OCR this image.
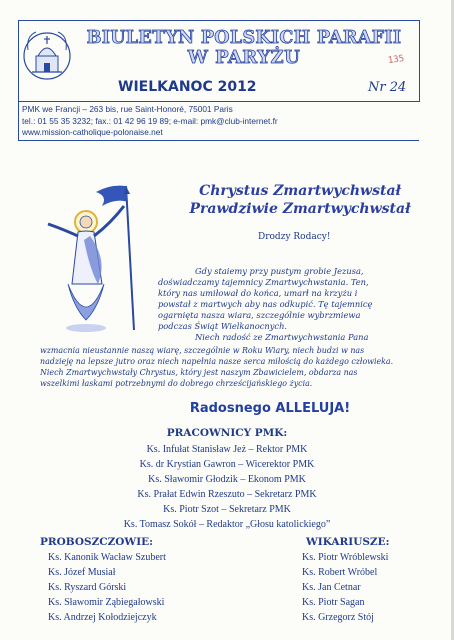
BIULETYN POLSKICH PARAFII
W PARYŻU
WIELKANOC 2012	Nr 24
135
PMK we Francji – 263 bis, rue Saint-Honoré, 75001 Paris
tel.: 01 55 35 3232; fax.: 01 42 96 19 89; e-mail: pmk@club-internet.fr
www.mission-catholique-polonaise.net
Chrystus Zmartwychwstał
Prawdziwie Zmartwychwstał
Drodzy Rodacy!
Gdy staiemy przy pustym grobie Jezusa,
doświadczamy tajemnicy Zmartwychwstania. Ten,
który nas umiłował do końca, umarł na krzyżu i
powstał z martwych aby nas odkupić. Tę tajemnicę
ogarnięta nasza wiara, szczególnie wybrzmiewa
podczas Świąt Wielkanocnych.
Niech radość ze Zmartwychwstania Pana
wzmacnia nieustannie naszą wiarę, szczególnie w Roku Wiary, niech budzi w nas
nadzieję na lepsze jutro oraz niech napełnia nasze serca miłością do każdego człowieka.
Niech Zmartwychwstały Chrystus, który jest naszym Zbawicielem, obdarza nas
wszelkimi łaskami potrzebnymi do dobrego chrześcijańskiego życia.
Radosnego ALLELUJA!
PRACOWNICY PMK:
Ks. Infułat Stanisław Jeż – Rektor PMK
Ks. dr Krystian Gawron – Wicerektor PMK
Ks. Sławomir Głodzik – Ekonom PMK
Ks. Prałat Edwin Rzeszuto – Sekretarz PMK
Ks. Piotr Szot – Sekretarz PMK
Ks. Tomasz Sokół – Redaktor „Głosu katolickiego”
PROBOSZCZOWIE:
Ks. Kanonik Wacław Szubert
Ks. Józef Musiał
Ks. Ryszard Górski
Ks. Sławomir Ząbiegałowski
Ks. Andrzej Kołodziejczyk
WIKARIUSZE:
Ks. Piotr Wróblewski
Ks. Robert Wróbel
Ks. Jan Cetnar
Ks. Piotr Sagan
Ks. Grzegorz Stój
